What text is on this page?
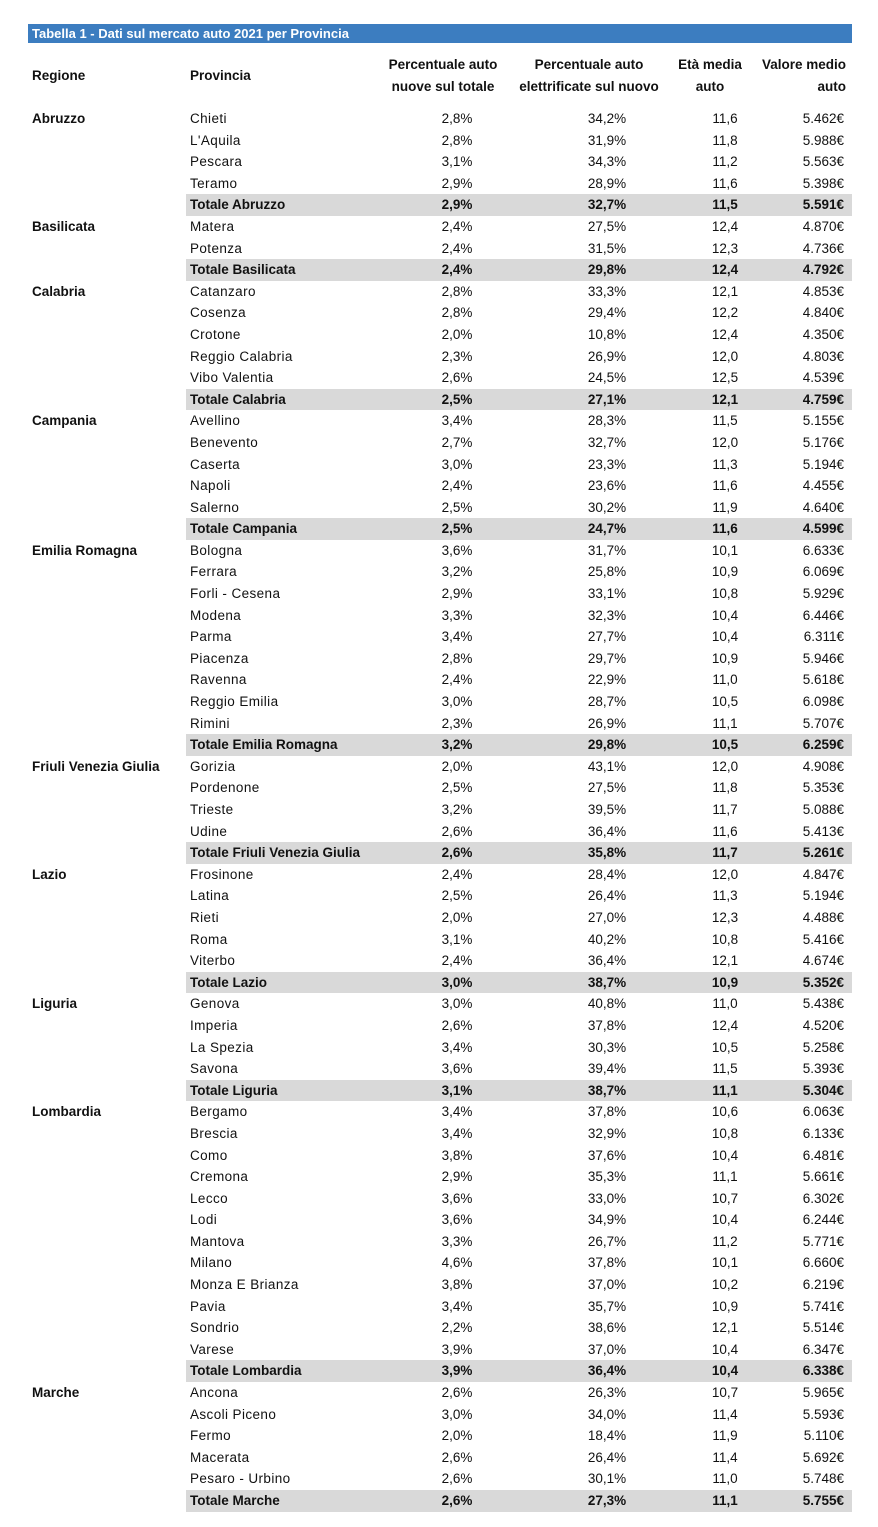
Tabella 1 - Dati sul mercato auto 2021 per Provincia
Regione	Provincia	Percentuale auto nuove sul totale	Percentuale auto elettrificate sul nuovo	Età media auto	Valore medio auto
Abruzzo	Chieti	2,8%	34,2%	11,6	5.462€
	L'Aquila	2,8%	31,9%	11,8	5.988€
	Pescara	3,1%	34,3%	11,2	5.563€
	Teramo	2,9%	28,9%	11,6	5.398€
	Totale Abruzzo	2,9%	32,7%	11,5	5.591€
Basilicata	Matera	2,4%	27,5%	12,4	4.870€
	Potenza	2,4%	31,5%	12,3	4.736€
	Totale Basilicata	2,4%	29,8%	12,4	4.792€
Calabria	Catanzaro	2,8%	33,3%	12,1	4.853€
	Cosenza	2,8%	29,4%	12,2	4.840€
	Crotone	2,0%	10,8%	12,4	4.350€
	Reggio Calabria	2,3%	26,9%	12,0	4.803€
	Vibo Valentia	2,6%	24,5%	12,5	4.539€
	Totale Calabria	2,5%	27,1%	12,1	4.759€
Campania	Avellino	3,4%	28,3%	11,5	5.155€
	Benevento	2,7%	32,7%	12,0	5.176€
	Caserta	3,0%	23,3%	11,3	5.194€
	Napoli	2,4%	23,6%	11,6	4.455€
	Salerno	2,5%	30,2%	11,9	4.640€
	Totale Campania	2,5%	24,7%	11,6	4.599€
Emilia Romagna	Bologna	3,6%	31,7%	10,1	6.633€
	Ferrara	3,2%	25,8%	10,9	6.069€
	Forli - Cesena	2,9%	33,1%	10,8	5.929€
	Modena	3,3%	32,3%	10,4	6.446€
	Parma	3,4%	27,7%	10,4	6.311€
	Piacenza	2,8%	29,7%	10,9	5.946€
	Ravenna	2,4%	22,9%	11,0	5.618€
	Reggio Emilia	3,0%	28,7%	10,5	6.098€
	Rimini	2,3%	26,9%	11,1	5.707€
	Totale Emilia Romagna	3,2%	29,8%	10,5	6.259€
Friuli Venezia Giulia	Gorizia	2,0%	43,1%	12,0	4.908€
	Pordenone	2,5%	27,5%	11,8	5.353€
	Trieste	3,2%	39,5%	11,7	5.088€
	Udine	2,6%	36,4%	11,6	5.413€
	Totale Friuli Venezia Giulia	2,6%	35,8%	11,7	5.261€
Lazio	Frosinone	2,4%	28,4%	12,0	4.847€
	Latina	2,5%	26,4%	11,3	5.194€
	Rieti	2,0%	27,0%	12,3	4.488€
	Roma	3,1%	40,2%	10,8	5.416€
	Viterbo	2,4%	36,4%	12,1	4.674€
	Totale Lazio	3,0%	38,7%	10,9	5.352€
Liguria	Genova	3,0%	40,8%	11,0	5.438€
	Imperia	2,6%	37,8%	12,4	4.520€
	La Spezia	3,4%	30,3%	10,5	5.258€
	Savona	3,6%	39,4%	11,5	5.393€
	Totale Liguria	3,1%	38,7%	11,1	5.304€
Lombardia	Bergamo	3,4%	37,8%	10,6	6.063€
	Brescia	3,4%	32,9%	10,8	6.133€
	Como	3,8%	37,6%	10,4	6.481€
	Cremona	2,9%	35,3%	11,1	5.661€
	Lecco	3,6%	33,0%	10,7	6.302€
	Lodi	3,6%	34,9%	10,4	6.244€
	Mantova	3,3%	26,7%	11,2	5.771€
	Milano	4,6%	37,8%	10,1	6.660€
	Monza E Brianza	3,8%	37,0%	10,2	6.219€
	Pavia	3,4%	35,7%	10,9	5.741€
	Sondrio	2,2%	38,6%	12,1	5.514€
	Varese	3,9%	37,0%	10,4	6.347€
	Totale Lombardia	3,9%	36,4%	10,4	6.338€
Marche	Ancona	2,6%	26,3%	10,7	5.965€
	Ascoli Piceno	3,0%	34,0%	11,4	5.593€
	Fermo	2,0%	18,4%	11,9	5.110€
	Macerata	2,6%	26,4%	11,4	5.692€
	Pesaro - Urbino	2,6%	30,1%	11,0	5.748€
	Totale Marche	2,6%	27,3%	11,1	5.755€
